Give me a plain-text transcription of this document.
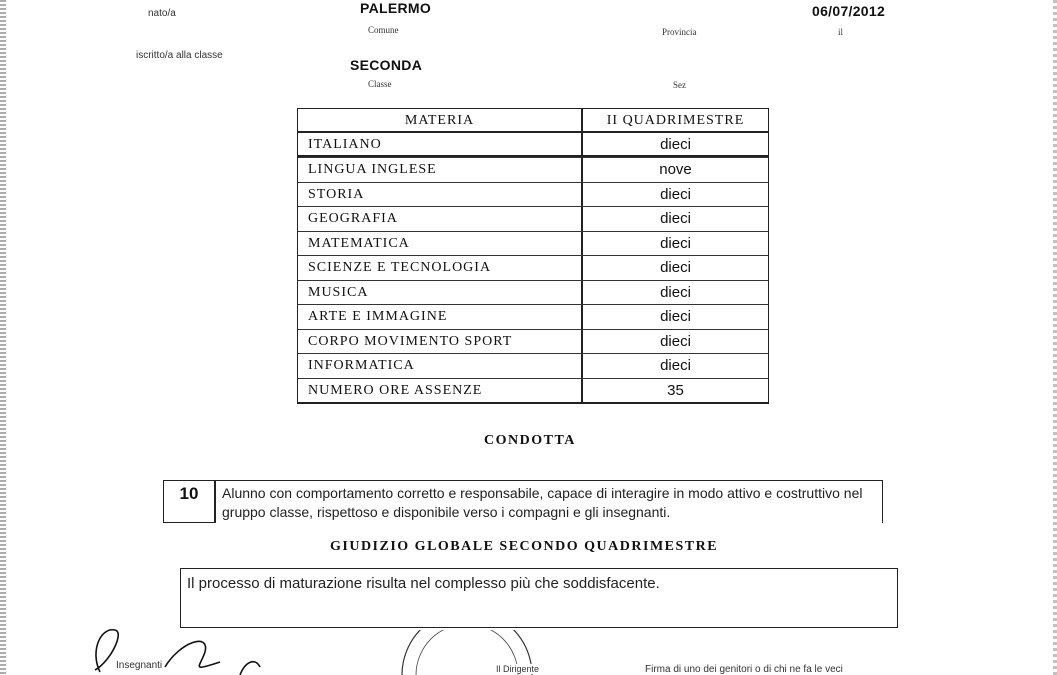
nato/a	PALERMO
Comune	Provincia
06/07/2012
il
iscritto/a alla classe
SECONDA
Classe	Sez
MATERIA	II QUADRIMESTRE
ITALIANO	dieci
LINGUA INGLESE	nove
STORIA	dieci
GEOGRAFIA	dieci
MATEMATICA	dieci
SCIENZE E TECNOLOGIA	dieci
MUSICA	dieci
ARTE E IMMAGINE	dieci
CORPO MOVIMENTO SPORT	dieci
INFORMATICA	dieci
NUMERO ORE ASSENZE	35
CONDOTTA
10	Alunno con comportamento corretto e responsabile, capace di interagire in modo attivo e costruttivo nel gruppo classe, rispettoso e disponibile verso i compagni e gli insegnanti.
GIUDIZIO GLOBALE SECONDO QUADRIMESTRE
Il processo di maturazione risulta nel complesso più che soddisfacente.
Insegnanti	Il Dirigente	Firma di uno dei genitori o di chi ne fa le veci
